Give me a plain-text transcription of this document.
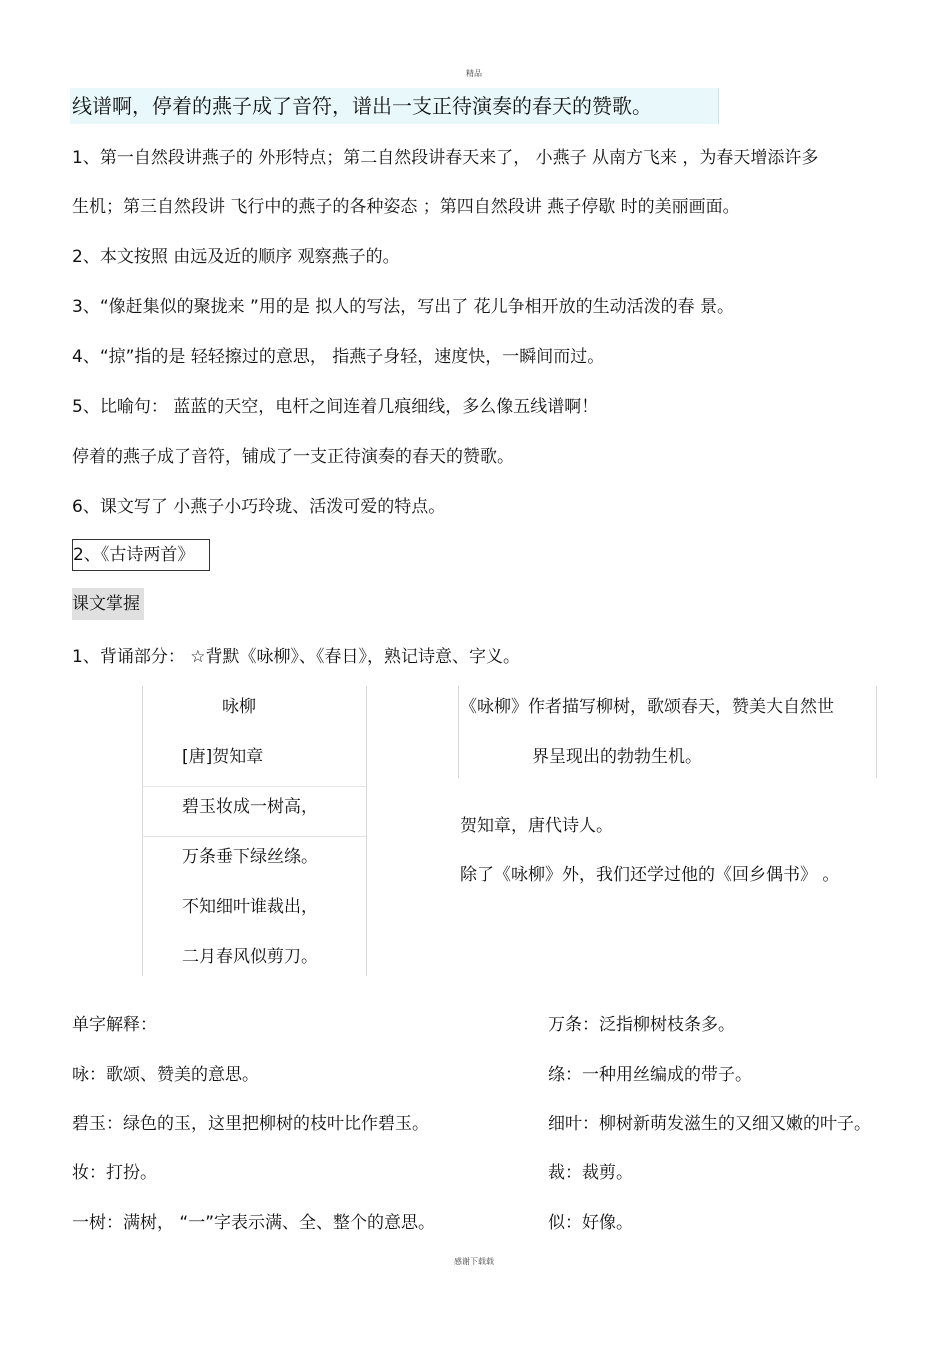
精品
感谢下载载
线谱啊，停着的燕子成了音符，谱出一支正待演奏的春天的赞歌。
1、第一自然段讲燕子的 外形特点；第二自然段讲春天来了， 小燕子 从南方飞来 ，为春天增添许多
生机；第三自然段讲 飞行中的燕子的各种姿态 ；第四自然段讲 燕子停歇 时的美丽画面。
2、本文按照 由远及近的顺序 观察燕子的。
3、“像赶集似的聚拢来 ”用的是 拟人的写法，写出了 花儿争相开放的生动活泼的春 景。
4、“掠”指的是 轻轻擦过的意思， 指燕子身轻，速度快，一瞬间而过。
5、比喻句： 蓝蓝的天空，电杆之间连着几痕细线，多么像五线谱啊！
停着的燕子成了音符，铺成了一支正待演奏的春天的赞歌。
6、课文写了 小燕子小巧玲珑、活泼可爱的特点。
2、《古诗两首》
课文掌握
1、背诵部分： ☆背默《咏柳》、《春日》，熟记诗意、字义。
咏柳
[唐]贺知章
碧玉妆成一树高，
万条垂下绿丝绦。
不知细叶谁裁出，
二月春风似剪刀。
《咏柳》作者描写柳树，歌颂春天，赞美大自然世
界呈现出的勃勃生机。
贺知章，唐代诗人。
除了《咏柳》外，我们还学过他的《回乡偶书》 。
单字解释：
咏：歌颂、赞美的意思。
碧玉：绿色的玉，这里把柳树的枝叶比作碧玉。
妆：打扮。
一树：满树， “一”字表示满、全、整个的意思。
万条：泛指柳树枝条多。
绦：一种用丝编成的带子。
细叶：柳树新萌发滋生的又细又嫩的叶子。
裁：裁剪。
似：好像。
